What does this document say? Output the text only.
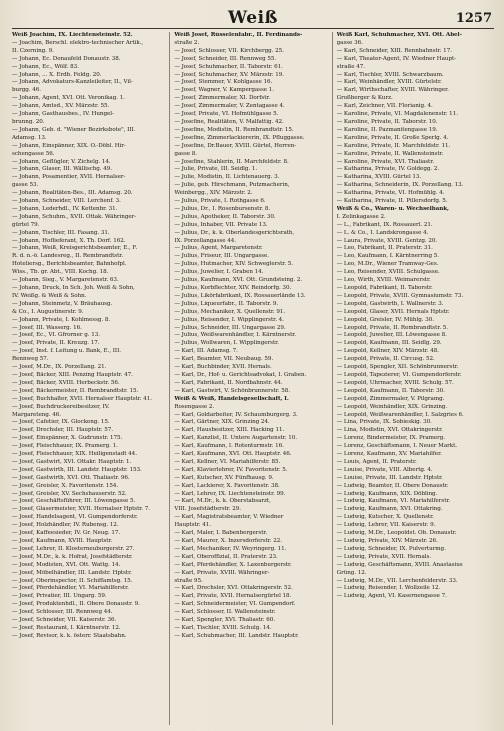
Weiß	1257
Weiß Joachim, IX. Liechtensteinstr. 52.
— Joachim, Berschl. elektro-technischer Artik.,
II. Czerning. 9.
— Johann, Ec. Donaufeld Donaustr. 38.
— Johann, Ec., Wölf. 83.
— Johann, ... X. Erdb. Feldg. 20.
— Johann, Advokaturs-Kanzleileiter, II., Vil-
burgg. 46.
— Johann, Agent, XVI. Ott. Veronikag. 1.
— Johann, Amtsd., XV. Märzstr. 55.
— Johann, Gasthausbes., IV. Hungel-
brunng. 20.
— Johann, Geb. d. "Wiener Bezirksbote", III.
Adamsg. 13.
— Johann, Einspänner, XIX. O.-Döbl. Hir-
schengasse 56.
— Johann, Geflügler, V. Zichelg. 14.
— Johann, Glaser, III. Wällischg. 49.
— Johann, Posamentier, XVII. Hernalser-
gasse 53.
— Johann, Realitäten-Bes., III. Adamsg. 20.
— Johann, Schneider, VIII. Lerchenf. 3.
— Johann, Lederhdl., IV. Kettenbr. 31.
— Johann, Schuhm., XVII. Ottak. Währinger-
gürtel 79.
— Johann, Tischler, III. Fasang. 31.
— Johann, Hoflieferant, X. Th. Dorf. 162.
— Johann, Weiß, Kreisgerichtsbeamter, E., F.
R. d. n.-ö. Landesreg., II. Rembrandtstr.
Hoteliersg., Berichtsbeamter, Bahnhofpl.
Wiss., Tb. gr. Abt., VIII. Kochg. 18.
— Johann, Sieg., V. Margaretenstr. 63.
— Johann, Druck, In Sch. Joh. Weiß & Sohn,
IV. Weißg. & Weiß & Sohn.
— Johann, Steinmetz, V. Bräuhausg.
& Co., I. Augustinerstr. 9.
— Johann, Private, I. Kohlmessg. 8.
— Josef, III. Wasserg. 16.
— Josef, Ec., VI. Gfrorner g. 13.
— Josef, Private, II. Kreuzg. 17.
— Josef, Inst. f. Leitung u. Bank, E., III.
Rennweg 57.
— Josef, M.Dr., IX. Porzellang. 21.
— Josef, Bäcker, XIII. Penzing Hauptstr. 47.
— Josef, Bäcker, XVIII. Herbeckstr. 56.
— Josef, Bäckermeister, II. Rembrandtstr. 15.
— Josef, Buchhalter, XVII. Hernalser Hauptstr. 41.
— Josef, Buchdruckereibesitzer, IV.
Margareteng. 46.
— Josef, Cafetier, IX. Glockeng. 15.
— Josef, Drechsler, III. Hauptstr. 57.
— Josef, Einspänner, X. Gudrunstr. 175.
— Josef, Fleischhauer, IX. Pramerg. 1.
— Josef, Fleischhauer, XIX. Heiligenstadt 44.
— Josef, Gastwirt, XVI. Ottakr. Hauptstr. 1.
— Josef, Gastwirth, III. Landstr. Hauptstr. 153.
— Josef, Gastwirth, XVI. Ott. Thaliastr. 96.
— Josef, Greisler, X. Favoritenstr. 154.
— Josef, Greisler, XV. Sechshauserstr. 52.
— Josef, Geschäftsführer, III. Löwengasse 5.
— Josef, Glasermeister, XVII. Hernalser Hptstr. 7.
— Josef, Handelsagent, VI. Gumpendorferstr.
— Josef, Holzhändler, IV. Rubensg. 12.
— Josef, Kaffeesieder, IV. Gr. Neug. 17.
— Josef, Kaufmann, XVIII. Hauptstr.
— Josef, Lehrer, II. Klosterneuburgerstr. 27.
— Josef, M.Dr., k. k. Hofrat, Josefstädterstr.
— Josef, Modisten, XVI. Ott. Wattg. 14.
— Josef, Möbelhändler, III. Landstr. Hptstr.
— Josef, Oberinspector, II. Schiffamtsg. 15.
— Josef, Pferdehändler, VI. Mariahilferstr.
— Josef, Privatier, III. Ungarg. 59.
— Josef, Produktenhdl., II. Obere Donaustr. 9.
— Josef, Schlosser, III. Rennweg 44.
— Josef, Schneider, VII. Kaiserstr. 36.
— Josef, Restaurant, I. Kärntnerstr. 12.
— Josef, Revisor, k. k. österr. Staatsbahn.
Weiß Josef, Rüsselenfabr., II. Ferdinands-
straße 2.
— Josef, Schlosser, VII. Kirchbergg. 25.
— Josef, Schneider, III. Rennweg 55.
— Josef, Schuhmacher, II. Taborstr. 61.
— Josef, Schuhmacher, XV. Märzstr. 19.
— Josef, Stemmer, V. Kohlgasse 16.
— Josef, Wagner, V. Kampergasse 1.
— Josef, Zimmermaler, XI. Dorfstr.
— Josef, Zimmermaler, V. Zentagasse 4.
— Josef, Private, VI. Hofmühlgasse 5.
— Josefine, Realitäten, V. Malfattig. 42.
— Josefine, Modistin, II. Rembrandtstr. 15.
— Josefine, Zimmerlackiererin, IX. Pfluggasse.
— Josefine, Dr.Bauer, XVIII. Gürtel, Herren-
gasse 8.
— Josefine, Stahlerin, II. Marchfeldstr. 8.
— Julie, Private, III. Seidlg. 1.
— Julie, Modistin, II. Lichtenauerg. 3.
— Julie, geb. Hirschmann, Putzmacherin,
Weinbergg., XIV. Märzstr. 2.
— Julius, Private, I. Rothgasse 6.
— Julius, Dr., I. Rosenbursenstr. 8.
— Julius, Apotheker, II. Taborstr. 30.
— Julius, Inhaber, VII. Private 13.
— Julius, Dr., k. k. Oberlandesgerichtsrath,
IX. Porzellangasse 44.
— Julius, Agent, Margaretenstr.
— Julius, Friseur, III. Ungargasse.
— Julius, Hutmacher, XIV. Schweglerstr. 5.
— Julius, Juwelier, I. Graben 14.
— Julius, Kaufmann, XVI. Ott. Grundsteing. 2.
— Julius, Korbflechter, XIV. Reindorfg. 30.
— Julius, Likörfabrikant, IX. Rossauerlände 13.
— Julius, Liqueurfabr., II. Taborstr. 9.
— Julius, Mechaniker, X. Quellenstr. 91.
— Julius, Reisender, I. Wipplingerstr. 4.
— Julius, Schneider, III. Ungargasse 29.
— Julius, Weißwarenhändler, I. Kärntnerstr.
— Julius, Wollwaren, I. Wipplingerstr.
— Karl, III. Adamsg. 7.
— Karl, Beamter, VII. Neubaug. 59.
— Karl, Buchbinder, XVII. Hernals.
— Karl, Dr., Hof- u. Gerichtsadvokat, I. Graben.
— Karl, Fabrikant, II. Nordbahnstr. 44.
— Karl, Gastwirt, V. Schönbrunnerstr. 58.
Weiß & Weiß, Handelsgesellschaft, I.
Rosengasse 2.
— Karl, Goldarbeiter, IV. Schaumburgerg. 3.
— Karl, Gärtner, XIX. Grinzing 24.
— Karl, Hausbesitzer, XIII. Hacking 11.
— Karl, Kanzlist, II. Untere Augartenstr. 10.
— Karl, Kaufmann, I. Rotenturmstr. 16.
— Karl, Kaufmann, XVI. Ott. Hauptstr. 46.
— Karl, Kellner, VI. Mariahilferstr. 85.
— Karl, Klavierlehrer, IV. Favoritenstr. 5.
— Karl, Kutscher, XV. Fünfhausg. 9.
— Karl, Lackierer, X. Favoritenstr. 38.
— Karl, Lehrer, IX. Liechtensteinstr. 99.
— Karl, M.Dr., k. k. Oberstabsarzt,
VIII. Josefstädterstr. 29.
— Karl, Magistratsbeamter, V. Wiedner
Hauptstr. 41.
— Karl, Maler, I. Babenbergerstr.
— Karl, Maurer, X. Inzersdorferstr. 22.
— Karl, Mechaniker, IV. Weyringerg. 11.
— Karl, Oberoffizial, II. Praterstr. 23.
— Karl, Pferdehändler, X. Laxenburgerstr.
— Karl, Private, XVIII. Währinger-
straße 95.
— Karl, Drechsler, XVI. Ottakringerstr. 52.
— Karl, Private, XVII. Hernalsergürtel 18.
— Karl, Schneidermeister, VI. Gumpendorf.
— Karl, Schlosser, II. Wallensteinstr.
— Karl, Spengler, XVI. Thaliastr. 60.
— Karl, Tischler, XVIII. Schulg. 14.
— Karl, Schuhmacher, III. Landstr. Hauptstr.
Weiß Karl, Schuhmacher, XVI. Ott. Abel-
gasse 36.
— Karl, Schneider, XIII. Rennbahnstr. 17.
— Karl, Theater-Agent, IV. Wiedner Haupt-
straße 47.
— Karl, Tischler, XVIII. Schwarzbaum.
— Karl, Weinhändler, XVIII. Gürtelstr.
— Karl, Wirthschafter, XVIII. Währinger.
Großberger & Kurz.
— Karl, Zeichner, VII. Florianig. 4.
— Karoline, Private, VI. Magdalenenstr. 11.
— Karoline, Private, II. Taborstr. 10.
— Karoline, II. Pazmanitengasse 19.
— Karoline, Private, II. Große Sperlg. 4.
— Karoline, Private, II. Marchfeldstr. 11.
— Karoline, Private, II. Wallensteinstr.
— Karoline, Private, XVI. Thaliastr.
— Katharina, Private, IV. Goldegg. 2.
— Katharina, XVIII. Gürtel 13.
— Katharina, Schneiderin, IX. Porzellang. 13.
— Katharina, Private, VI. Hofmühlg. 4.
— Katharina, Private, II. Pillersdorfg. 5.
Weiß & Co., Waren- u. Wechselbank,
I. Zelinkagasse 2.
— L., Fabrikant, IX. Rossauerl. 21.
— L. & Co., I. Landskrongasse 4.
— Laura, Private, XVIII. Gentzg. 20.
— Leo, Fabrikant, II. Praterstr. 31.
— Leo, Kaufmann, I. Kärntnerring 5.
— Leo, M.Dr., Wiener Tramway-Ges.
— Leo, Reisender, XVIII. Schulgasse.
— Leo, Wirth, XVIII. Weimarerstr.
— Leopold, Fabrikant, II. Taborstr.
— Leopold, Private, XVIII. Gymnasiumstr. 73.
— Leopold, Gastwirth, I. Wallnerstr. 3.
— Leopold, Glaser, XVII. Hernals Hptstr.
— Leopold, Greisler, IV. Mühlg. 30.
— Leopold, Private, II. Rembrandtstr. 5.
— Leopold, Juwelier, III. Löwengasse 8.
— Leopold, Kaufmann, III. Seidlg. 29.
— Leopold, Kellner, XIV. Märzstr. 48.
— Leopold, Private, II. Circusg. 52.
— Leopold, Spengler, XII. Schönbrunnerstr.
— Leopold, Tapezierer, VI. Gumpendorferstr.
— Leopold, Uhrmacher, XVIII. Schulg. 57.
— Leopold, Kaufmann, II. Taborstr. 30.
— Leopold, Zimmermaler, V. Pilgramg.
— Leopold, Weinhändler, XIX. Grinzing.
— Leopold, Weißwarenhändler, I. Salzgries 6.
— Lina, Private, IX. Sobieskig. 30.
— Lina, Modistin, XVI. Ottakringerstr.
— Lorenz, Bindermeister, IX. Pramerg.
— Lorenz, Geschäftsmann, I. Neuer Markt.
— Lorenz, Kaufmann, XV. Mariahilfer.
— Louis, Agent, II. Praterstr.
— Louise, Private, VIII. Albertg. 4.
— Louise, Private, III. Landstr. Hptstr.
— Ludwig, Beamter, II. Obere Donaustr.
— Ludwig, Kaufmann, XIX. Döbling.
— Ludwig, Kaufmann, VI. Mariahilferstr.
— Ludwig, Kaufmann, XVI. Ottakring.
— Ludwig, Kutscher, X. Quellenstr.
— Ludwig, Lehrer, VII. Kaiserstr. 9.
— Ludwig, M.Dr., Leopoldst. Ob. Donaustr.
— Ludwig, Private, XIV. Märzstr. 26.
— Ludwig, Schneider, IX. Pulverturmg.
— Ludwig, Private, XVII. Hernals.
— Ludwig, Geschäftsmann, XVIII. Anastasius
Grüng. 12.
— Ludwig, M.Dr., VII. Lerchenfelderstr. 33.
— Ludwig, Reisender, I. Wollzeile 12.
— Ludwig, Agent, VI. Kasernengasse 7.
